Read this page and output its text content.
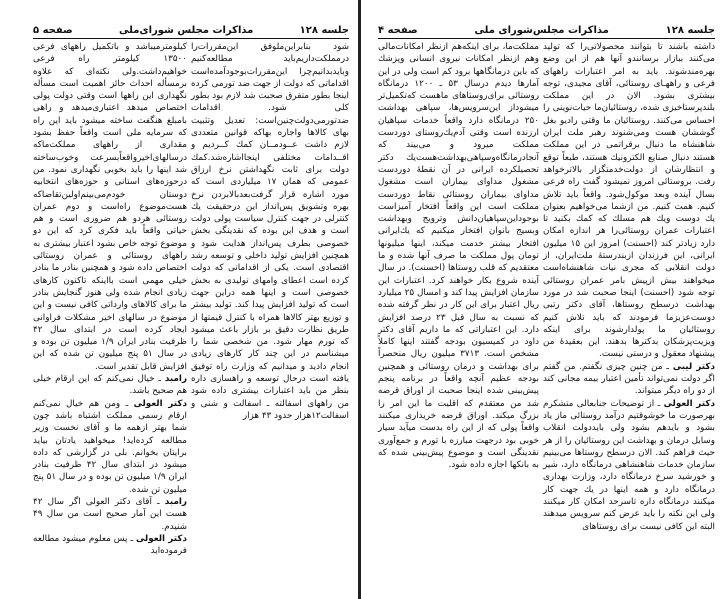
جلسه ۱۲۸
مذاکرات مجلس شورای‌ملی
صفحه ۵

شود بنابراین‌ملوفق این‌مقررات‌را درمملکت‌داریم‌باید مطالعه‌کنیم وبایدبدانیم‌چرا این‌مقررات‌بوجودآمده‌است اقداماتی که دولت از جهت ضد تورمی کرده اینجا بطور متفرق صحبت شد لازم بود بطور کلی شود. اقدامات ضدتورمی‌دولت‌چنین‌است: تعدیل وتثبیت بهای کالاها واجاره بهاکه قوانین متعددی لازم داشت عــودمــان کمك کــردیم و اقــدامات مختلفی اینجااشاره‌شد.کمك دولت برای ثابت نگهداشتن نرخ ارزاق عمومی که همان ۱۷ میلیاردی است که مورد اشاره قرار گرفت‌بعدبالابردن نرخ بهره وتشویق پس‌انداز این درحقیقت یك کنترلی در جهت کنترل سیاست پولی دولت است و هدف این بوده که نقدینگی بخش خصوصی بطرف پس‌انداز هدایت شود و همچنین افزایش تولید داخلی و توسعه رشد اقتصادی است. یکی از اقداماتی که دولت کرده است اعطای وامهای تولیدی به بخش خصوصی است و اینها همه دراین جهت است که تولید افزایش پیدا کند. تولید بیشتر و توزیع بهتر کالاها همراه با کنترل قیمتها از طریق نظارت دقیق بر بازار باعث میشود که تورم مهار شود. من شخصی شما را میشناسم در این چند کار کارهای زیادی انجام دادید و میدانیم که وزارت راه توفیق یافته است درحال توسعه و راهسازی داره بنظر من باید اعتبارات بیشتری داده شود من راههای اسفالته ـ اسفالت و شنی و اسفالت۱۲هزار حدود ۴۳ هزار

کیلومترمیباشد و باتکمیل راههای فرعی ۱۳۵۰۰ کیلومتر راه فرعی خواهیم‌داشت.ولی نکته‌ای که علاوه برمسأله احداث حائز اهمیت است مسأله نگهداری این راهها است وقتی دولت پولی اختصاص میدهد اعتباری‌میدهد و راهی بامبلغ هنگفت ساخته میشود باید این راه که سرمایه ملی است واقعاً حفظ بشود مقداری از راههای مملکت‌ماکه درسالهای‌اخیرواقعاًبسرعت وخوب‌ساخته شد اینها را باید بخوبی نگهداری نمود. من درحوزه‌های استانی و حوزه‌های انتخابیه دوستان خودم‌می‌بینم‌اولین‌تقاضاکه هست‌موضوع راه‌است و دوم عمران روستائی هردو هم ضروری است و هم حیاتی واقعاً باید فکری کرد که این دو موضوع توجه خاص بشود اعتبار بیشتری به راههای روستائی و عمران روستائی اختصاص داده شود و همچنین بنادر ما بنادر خیلی مهمی است بااینکه تاکنون کارهای زیادی انجام شده ولی هنوز گنجایش بنادر ما برای کالاهای وارداتی کافی نیست و این موضوع در سالهای اخیر مشکلات فراوانی ایجاد کرده است در ابتدای سال ۴۲ ظرفیت بنادر ایران ۱/۹ میلیون تن بوده و در سال ۵۱ پنج میلیون تن شده که این افزایش قابل تقدیر است.

رامبد ـ خیال نمی‌کنم که این ارقام خیلی هم صحیح باشد.

دکتر العولی ـ ومن هم خیال نمی‌کنم ارقام رسمی مملکت اشتباه باشد چون شما بهتر ازهمه ما و آقای نخست وزیر مطالعه کرده‌اید! میخواهید یادتان بیاید برایتان بخوانم. بلی در گزارشی که داده میشود در ابتدای سال ۴۲ ظرفیت بنادر ایران ۱/۹ میلیون تن بوده و در سال ۵۱ پنج میلیون تن شده.

رامبد ـ آقای دکتر العولی اگر سال ۴۲ هست این آمار صحیح است من سال ۴۹ شنیدم.

دکتر العولی ـ پس معلوم میشود مطالعه فرموده‌اید

جلسه ۱۲۸
مذاکرات مجلس‌شورای ملی
صفحه ۴

داشته باشند تا بتوانند محصولاتی‌را که تولید می‌کنند ببازار برسانندو آنها هم از این وضع بهره‌مندشوند. باید به امر اعتبارات راههای فرعی و راههـای روستائی، آقای مجیدی، توجه بیشتری بشود. الان در این مملکت بلندپرستاخیزی شده، روستائیان‌ما حیات‌نوینی را احساس می‌کنند. روستائیان ما وقتی رادیو بغل گوششان هست ومی‌شنوند رهبر ملت ایران شاهنشاه ما دنبال برقراتمی در این مملکت هستند دنبال صنایع الکترونیك هستند، طبعاً توقع و انتظارشان از دولت‌خدمتگزار بالاترخواهد رفت. بروستائی امروز نمیشود گفت راه فرعی بسال آینده وبعد موکول‌شود. واقعاً باید تلاش کنیم. همت کنیم. من ازشما می‌خواهیم بعنوان یك دوست ویك هم مسلك که کمك بکنید تا اعتبارات عمران روستائی‌را هر اندازه امکان دارد زیادتر کند (احسنت) امروز این ۱۵ میلیون ایرانی، این فرزندان ازبندرستهٔ ملت‌ایران، از دولت انقلابی که مجری نیات شاهنشاه‌است میخواهند بیش ازپیش بامر عمران روستائی توجه شود (احسنت) اینجا صحبت شد در مورد بهداشت درسطح روستاها، آقای دکتر رتبی دوست‌عزیزما فرمودند که باید تلاش کنیم روستائیان ما پولدارشوند برای اینکه ویزیت‌پزشکان بدکترها بدهند. این بعقیدهٔ من پیشنهاد معقول و درستی نیست.

دکتر لیبی ـ من چنین چیزی نگفتم. من گفتم اگر دولت نمی‌تواند تأمین اعتبار بیمه مجانی کند از دو راه دیگر میتواند.

دکتر العولی ـ از توضیحات جنابعالی متشکرم بهرصورت ما خوشوقتیم درآمد روستائی ماز یاد بشود و بایدهم بشود ولی بایددولت انقلاب وسایل درمان و بهداشت این روستائیان را از هر حیث فراهم کند. الان درسطح روستاها می‌بینیم سازمان خدمات شاهنشاهی درمانگاه دارد، شیر و خورشید سرخ درمانگاه دارد، وزارت بهداری درمانگاه دارد و همه اینها در یك جهت کار میکنند درمانگاه داره تاسرحد امکان کار میکنند ولی این نکته را باید عرض کنم سرویس میدهند البته این کافی نیست برای روستاهای

مملکت‌ما، برای اینکه‌هم ازنظر امکانات‌مالی وهم ازنظر امکانات نیروی انسانی وپزشك که باین درمانگاهها برود کم است ولی در این آمارها دیدم درسال ۵۳ ـ ۱۲۰۰ درمانگاه روستائی برای‌روستاهای ماهست که‌تکمیل‌تر میشوداز این‌سرویس‌ها، سپاهی بهداشت ۲۵۰ درمانگاه دارد واقعاً خدمات سپاهیان ارزنده است وقتی آدم‌یك‌روستای دوردست مملکت میرود و می‌بیند که آنجادرمانگاه‌وسپاهی‌بهداشت‌هست‌یك دکتر تحصیلکرده ایرانی در آن نقطهٔ دوردست مشغول مداوای بیماران است مشغول مداوای بیماران روستائی نقاط دوردست مملکت است این واقعاً افتخار آمیزاست بوجوداین‌سپاهیان‌دانش وترویج وبهداشت وبسیج بانوان افتخار میکنیم که یك‌ایرانی افتخار بیشتر خدمت میکند، اینها میلیونها تومان پول مملکت ما صرف آنها شده و ما معتقدیم که قلب روستاها (احسنت). در سال آینده شروع بکار خواهند کرد. اعتبارات این سازمان افزایش پیدا کند و امسال ۲۵ میلیارد ریال اعتبار برای این کار در نظر گرفته شده که نسبت به سال قبل ۲۳ درصد افزایش دارد. این اعتباراتی که ما داریم آقای دکتر داود در کمیسیون بودجه گفتند اینها کاملاً مشخص است. ۳۷۱۳ میلیون ریال منحصراً برای بهداشت و درمان روستائی و همچنین بودجه عظیم آنچه واقعاً در برنامه پنجم پیش‌بینی شده اینجا صحبت از اوراق قرضه شد من معتقدم که اقلیت ما این امر را بزرگ میکند. اوراق قرضه خریداری میکنند واقعاً پولی که از این راه بدست میآید سیار خوبی بود درجهت مبارزه با تورم و جمع‌آوری نقدینگی است و موضوع پیش‌بینی شده که به بانکها اجازه داده شود.
